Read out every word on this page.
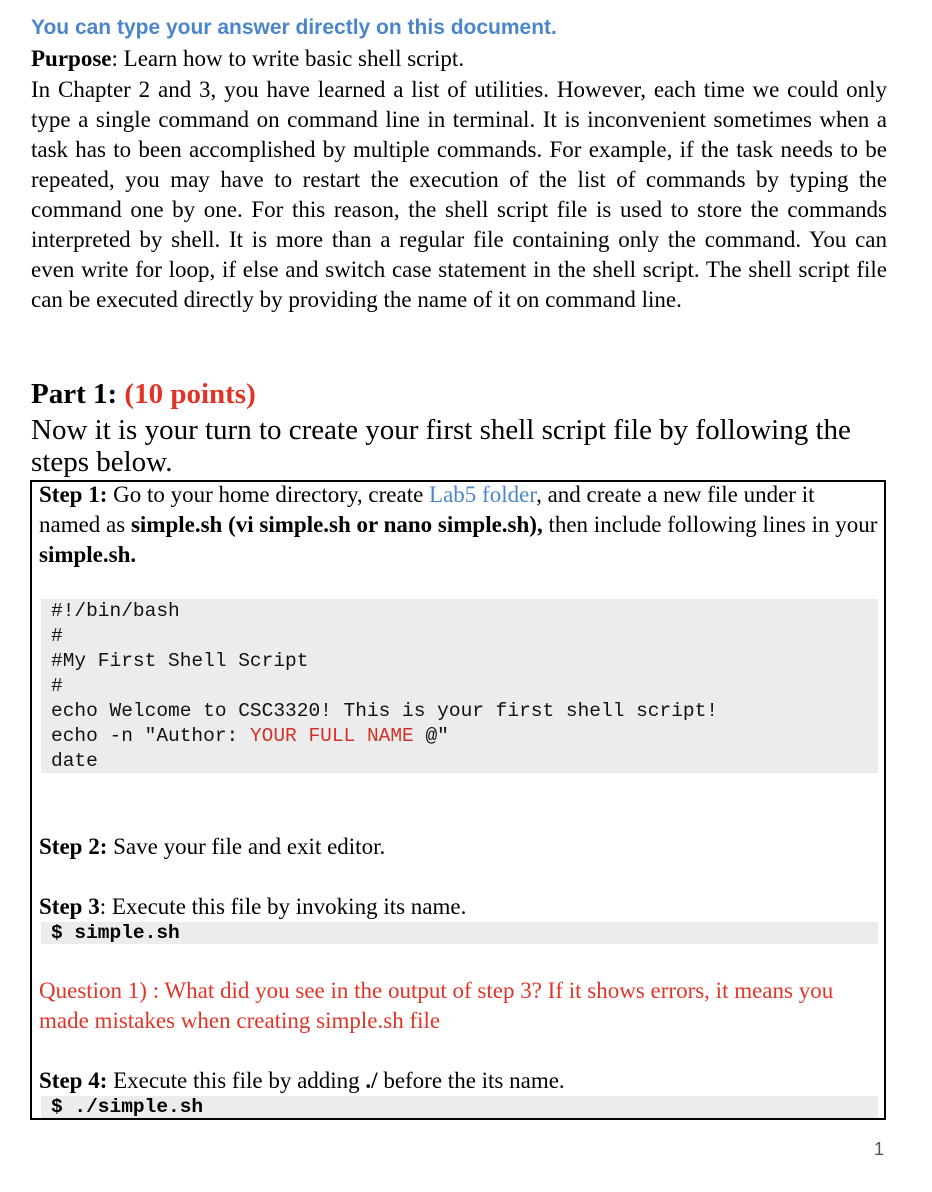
You can type your answer directly on this document.
Purpose: Learn how to write basic shell script.
In Chapter 2 and 3, you have learned a list of utilities. However, each time we could only type a single command on command line in terminal. It is inconvenient sometimes when a task has to been accomplished by multiple commands. For example, if the task needs to be repeated, you may have to restart the execution of the list of commands by typing the command one by one. For this reason, the shell script file is used to store the commands interpreted by shell. It is more than a regular file containing only the command. You can even write for loop, if else and switch case statement in the shell script. The shell script file can be executed directly by providing the name of it on command line.
Part 1: (10 points)
Now it is your turn to create your first shell script file by following the steps below.
Step 1: Go to your home directory, create Lab5 folder, and create a new file under it named as simple.sh (vi simple.sh or nano simple.sh), then include following lines in your simple.sh.
#!/bin/bash
#
#My First Shell Script
#
echo Welcome to CSC3320! This is your first shell script!
echo -n "Author: YOUR FULL NAME @"
date
Step 2: Save your file and exit editor.
Step 3: Execute this file by invoking its name.
$ simple.sh
Question 1) : What did you see in the output of step 3? If it shows errors, it means you made mistakes when creating simple.sh file
Step 4: Execute this file by adding ./ before the its name.
$ ./simple.sh
1
